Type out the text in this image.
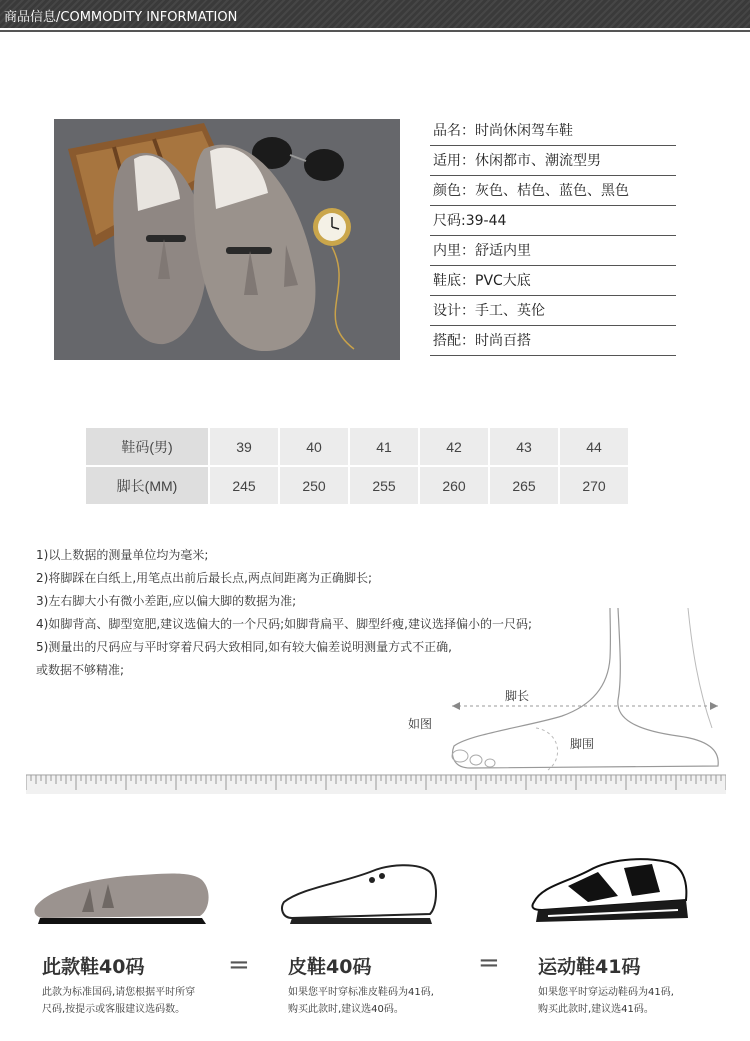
商品信息/COMMODITY INFORMATION
品名：时尚休闲驾车鞋
适用：休闲都市、潮流型男
颜色：灰色、桔色、蓝色、黑色
尺码:39-44
内里：舒适内里
鞋底：PVC大底
设计：手工、英伦
搭配：时尚百搭
鞋码(男)	39	40	41	42	43	44
脚长(MM)	245	250	255	260	265	270
1)以上数据的测量单位均为毫米;
2)将脚踩在白纸上,用笔点出前后最长点,两点间距离为正确脚长;
3)左右脚大小有微小差距,应以偏大脚的数据为准;
4)如脚背高、脚型宽肥,建议选偏大的一个尺码;如脚背扁平、脚型纤瘦,建议选择偏小的一尺码;
5)测量出的尺码应与平时穿着尺码大致相同,如有较大偏差说明测量方式不正确,
或数据不够精准;
脚长
如图
脚围
此款鞋40码
此款为标准国码,请您根据平时所穿
尺码,按提示或客服建议选码数。
= 皮鞋40码
如果您平时穿标准皮鞋码为41码,
购买此款时,建议选40码。
= 运动鞋41码
如果您平时穿运动鞋码为41码,
购买此款时,建议选41码。
